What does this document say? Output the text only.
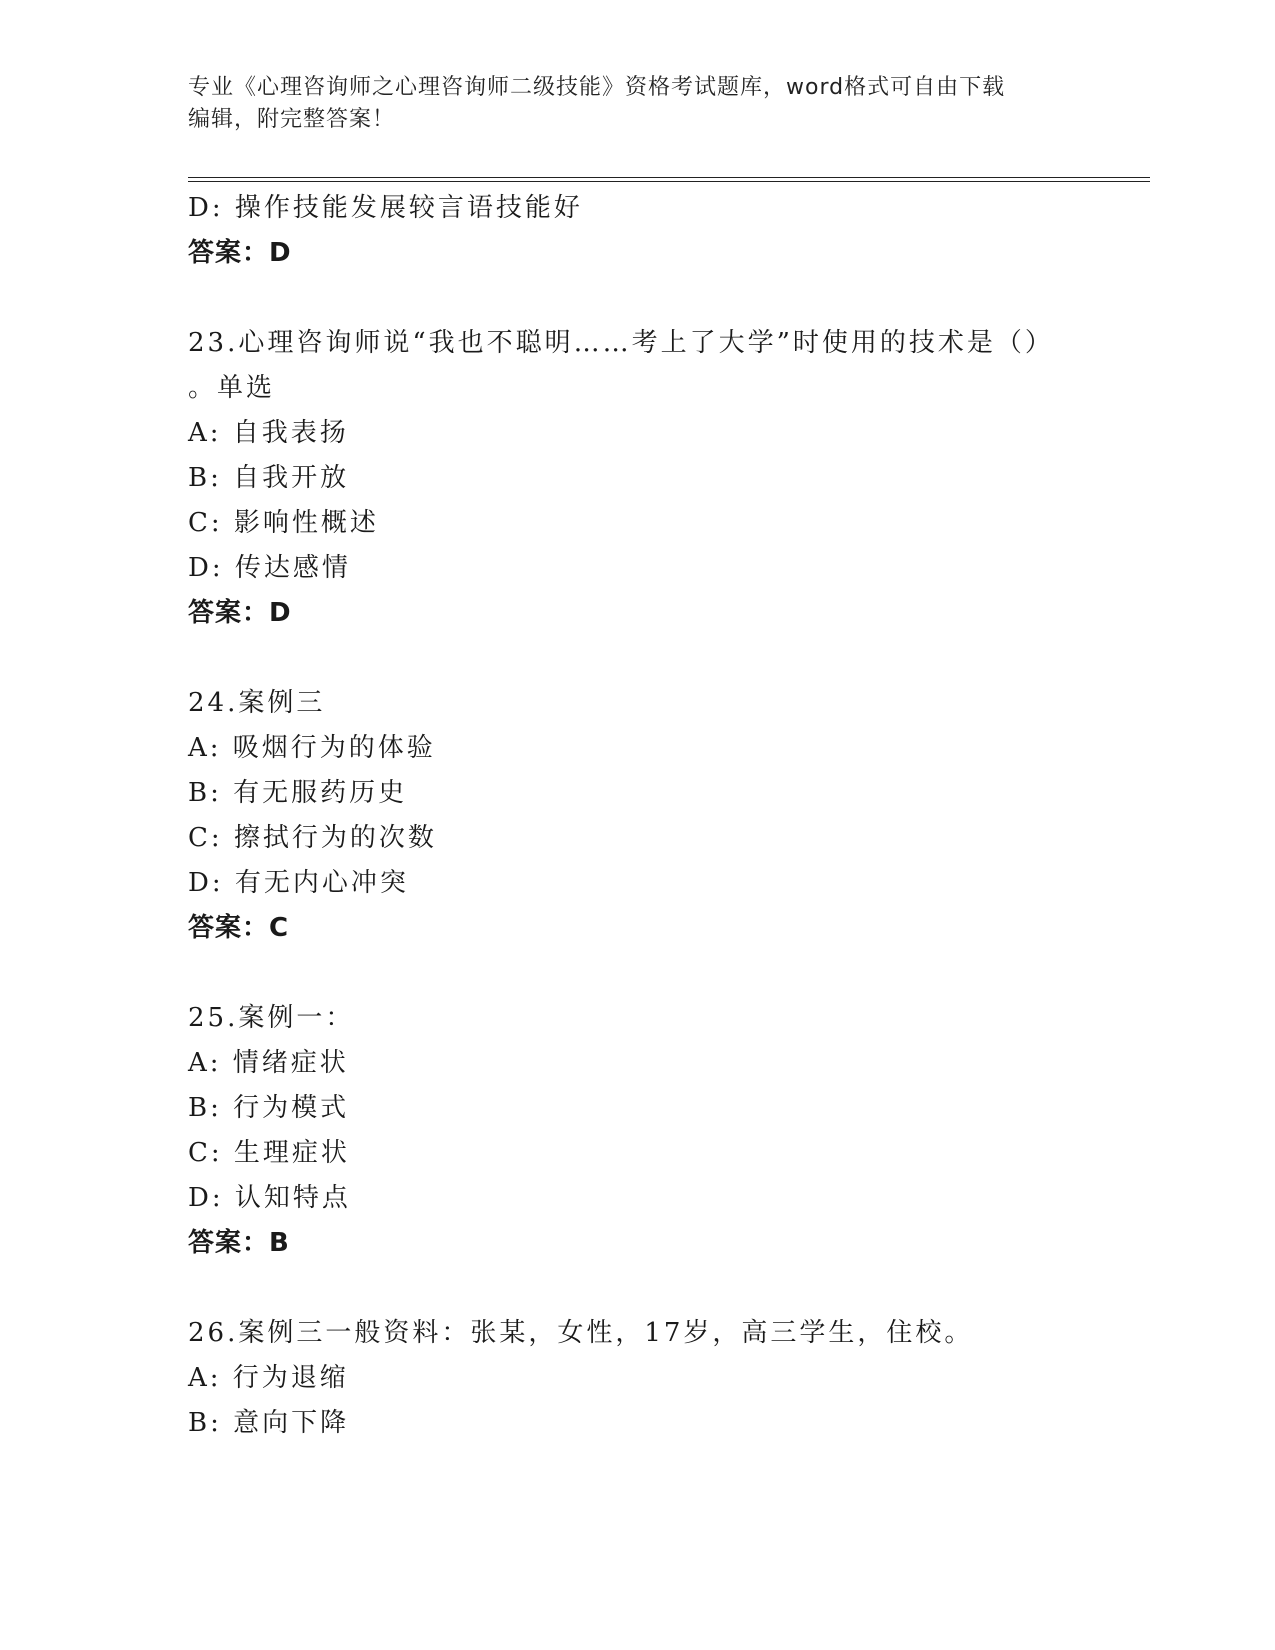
专业《心理咨询师之心理咨询师二级技能》资格考试题库，word格式可自由下载
编辑，附完整答案！
D: 操作技能发展较言语技能好
答案：D
23.心理咨询师说“我也不聪明……考上了大学”时使用的技术是（）
。单选
A: 自我表扬
B: 自我开放
C: 影响性概述
D: 传达感情
答案：D
24.案例三
A: 吸烟行为的体验
B: 有无服药历史
C: 擦拭行为的次数
D: 有无内心冲突
答案：C
25.案例一：
A: 情绪症状
B: 行为模式
C: 生理症状
D: 认知特点
答案：B
26.案例三一般资料：张某，女性，17岁，高三学生，住校。
A: 行为退缩
B: 意向下降
